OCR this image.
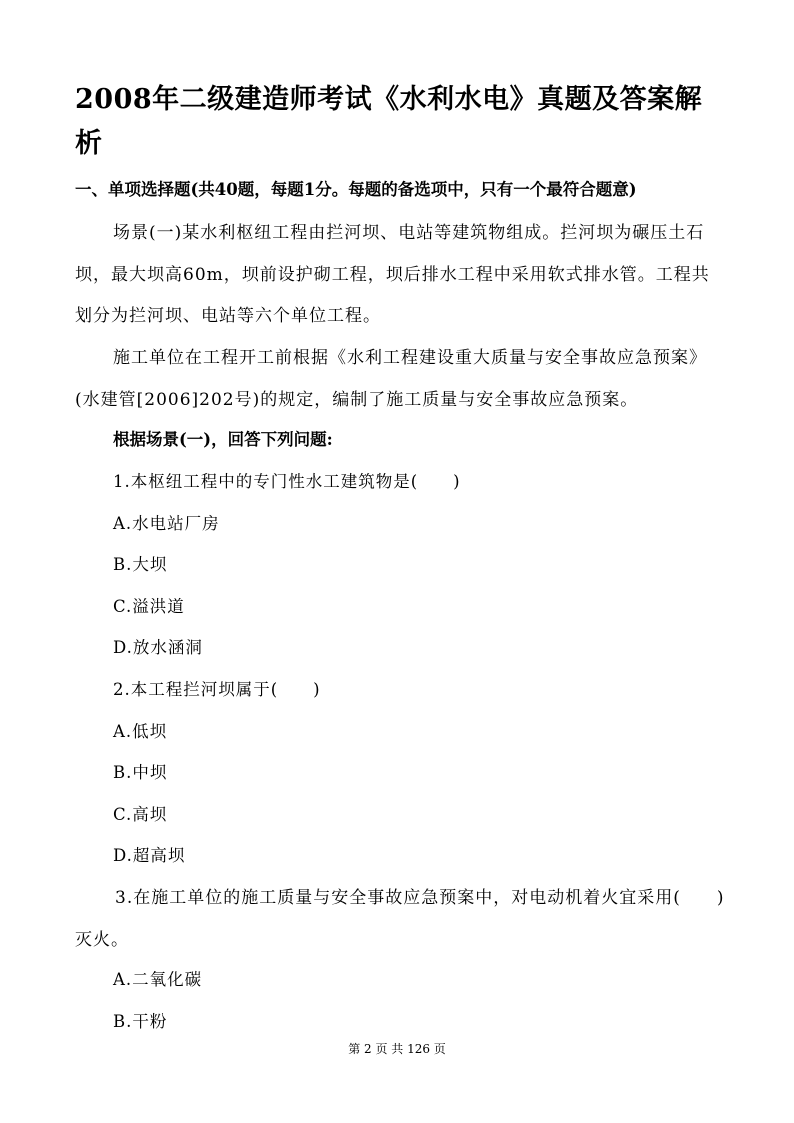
2008年二级建造师考试《水利水电》真题及答案解析

一、单项选择题(共40题，每题1分。每题的备选项中，只有一个最符合题意)

场景(一)某水利枢纽工程由拦河坝、电站等建筑物组成。拦河坝为碾压土石坝，最大坝高60m，坝前设护砌工程，坝后排水工程中采用软式排水管。工程共划分为拦河坝、电站等六个单位工程。

施工单位在工程开工前根据《水利工程建设重大质量与安全事故应急预案》(水建管[2006]202号)的规定，编制了施工质量与安全事故应急预案。

根据场景(一)，回答下列问题:

1.本枢纽工程中的专门性水工建筑物是(　　)

A.水电站厂房

B.大坝

C.溢洪道

D.放水涵洞

2.本工程拦河坝属于(　　)

A.低坝

B.中坝

C.高坝

D.超高坝

3.在施工单位的施工质量与安全事故应急预案中，对电动机着火宜采用(　　)灭火。

A.二氧化碳

B.干粉

第 2 页 共 126 页
